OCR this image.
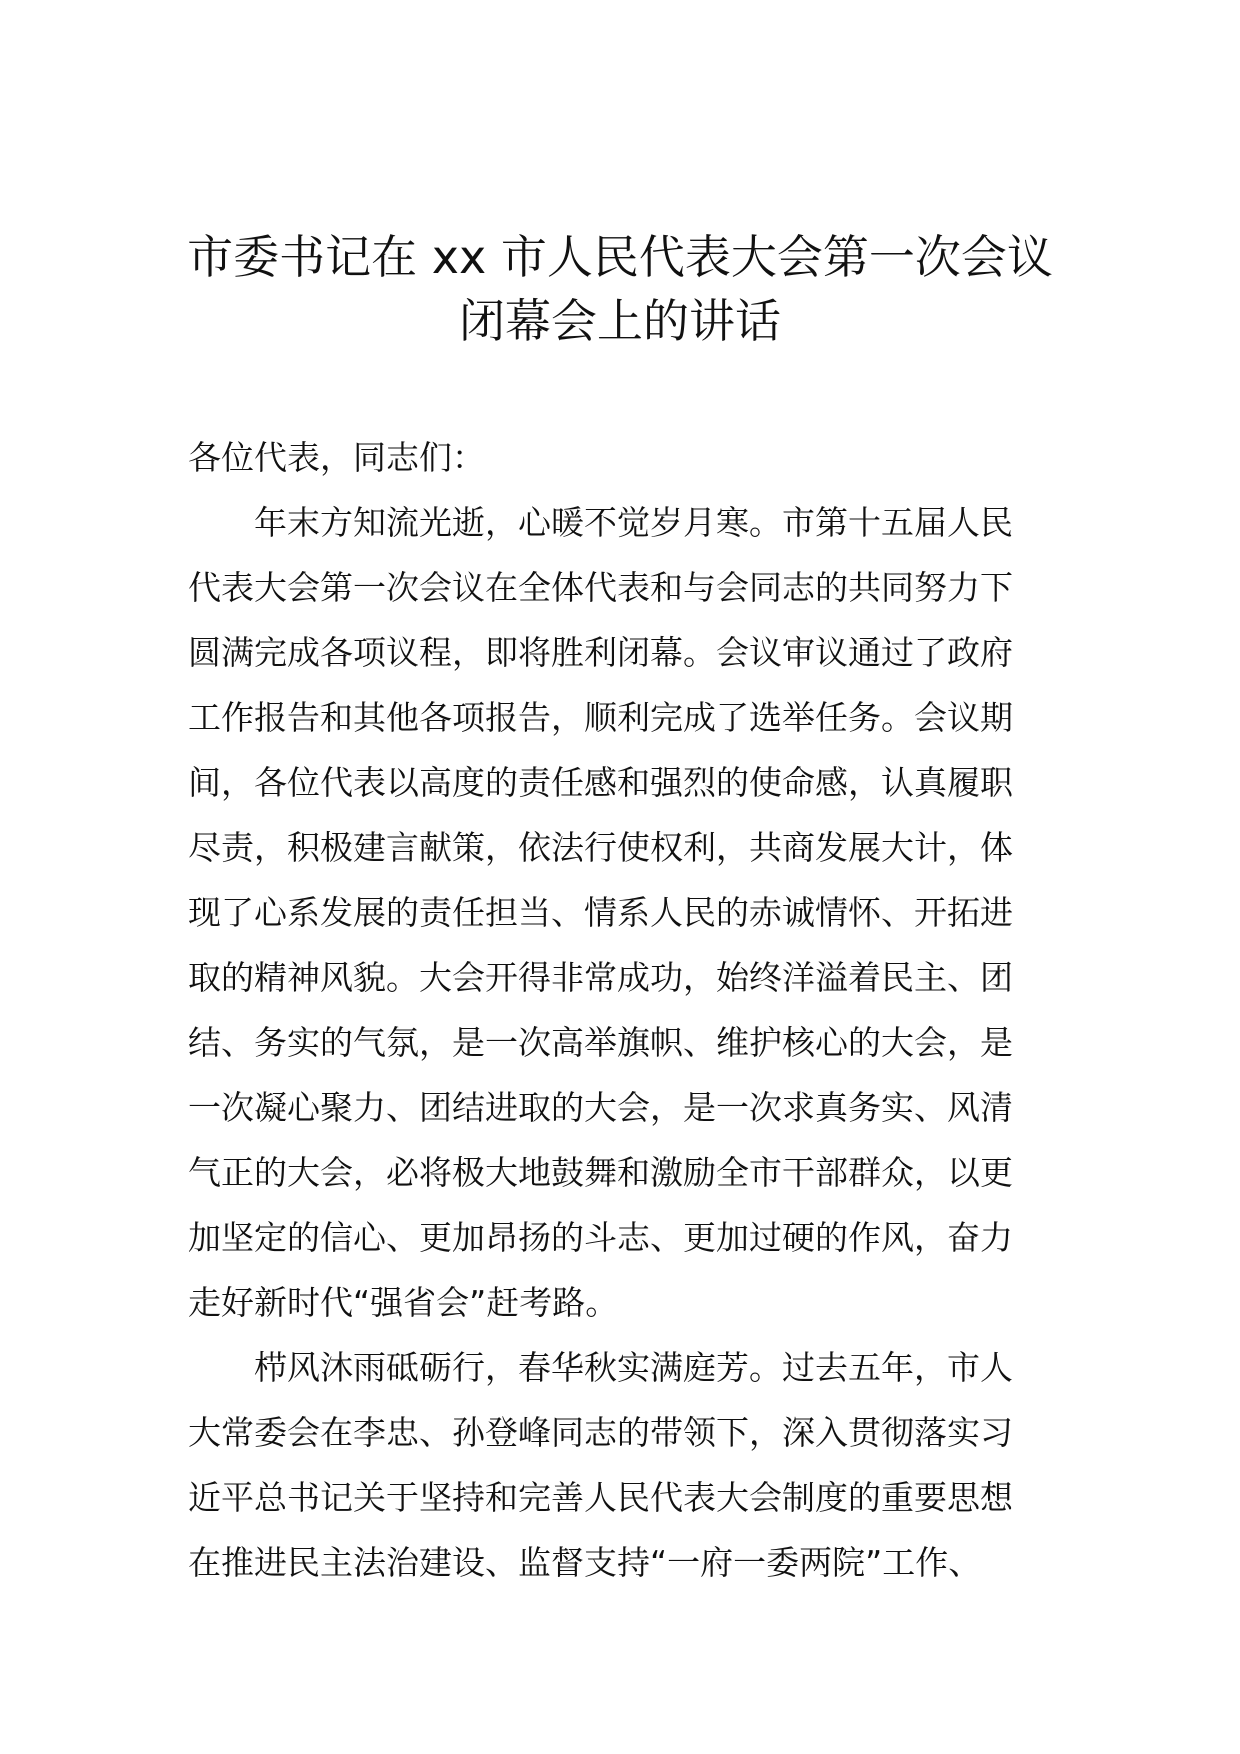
市委书记在 xx 市人民代表大会第一次会议
闭幕会上的讲话
各位代表，同志们：
年末方知流光逝，心暖不觉岁月寒。市第十五届人民
代表大会第一次会议在全体代表和与会同志的共同努力下
圆满完成各项议程，即将胜利闭幕。会议审议通过了政府
工作报告和其他各项报告，顺利完成了选举任务。会议期
间，各位代表以高度的责任感和强烈的使命感，认真履职
尽责，积极建言献策，依法行使权利，共商发展大计，体
现了心系发展的责任担当、情系人民的赤诚情怀、开拓进
取的精神风貌。大会开得非常成功，始终洋溢着民主、团
结、务实的气氛，是一次高举旗帜、维护核心的大会，是
一次凝心聚力、团结进取的大会，是一次求真务实、风清
气正的大会，必将极大地鼓舞和激励全市干部群众，以更
加坚定的信心、更加昂扬的斗志、更加过硬的作风，奋力
走好新时代“强省会”赶考路。
栉风沐雨砥砺行，春华秋实满庭芳。过去五年，市人
大常委会在李忠、孙登峰同志的带领下，深入贯彻落实习
近平总书记关于坚持和完善人民代表大会制度的重要思想
在推进民主法治建设、监督支持“一府一委两院”工作、
